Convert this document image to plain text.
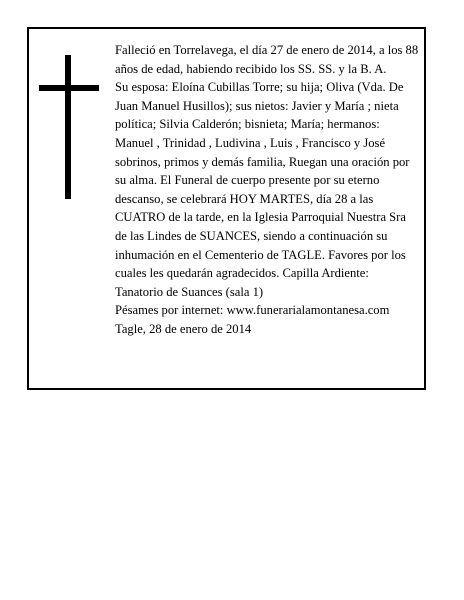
Falleció en Torrelavega, el día 27 de enero de 2014, a los 88 años de edad, habiendo recibido los SS. SS. y la B. A.

Su esposa: Eloína Cubillas Torre; su hija; Oliva (Vda. De Juan Manuel Husillos); sus nietos: Javier y María ; nieta política; Silvia Calderón; bisnieta; María; hermanos: Manuel , Trinidad , Ludivina , Luis , Francisco y José sobrinos, primos y demás familia, Ruegan una oración por su alma. El Funeral de cuerpo presente por su eterno descanso, se celebrará HOY MARTES, día 28 a las CUATRO de la tarde, en la Iglesia Parroquial Nuestra Sra de las Lindes de SUANCES, siendo a continuación su inhumación en el Cementerio de TAGLE. Favores por los cuales les quedarán agradecidos. Capilla Ardiente: Tanatorio de Suances (sala 1)

Pésames por internet: www.funerarialamontanesa.com

Tagle, 28 de enero de 2014
